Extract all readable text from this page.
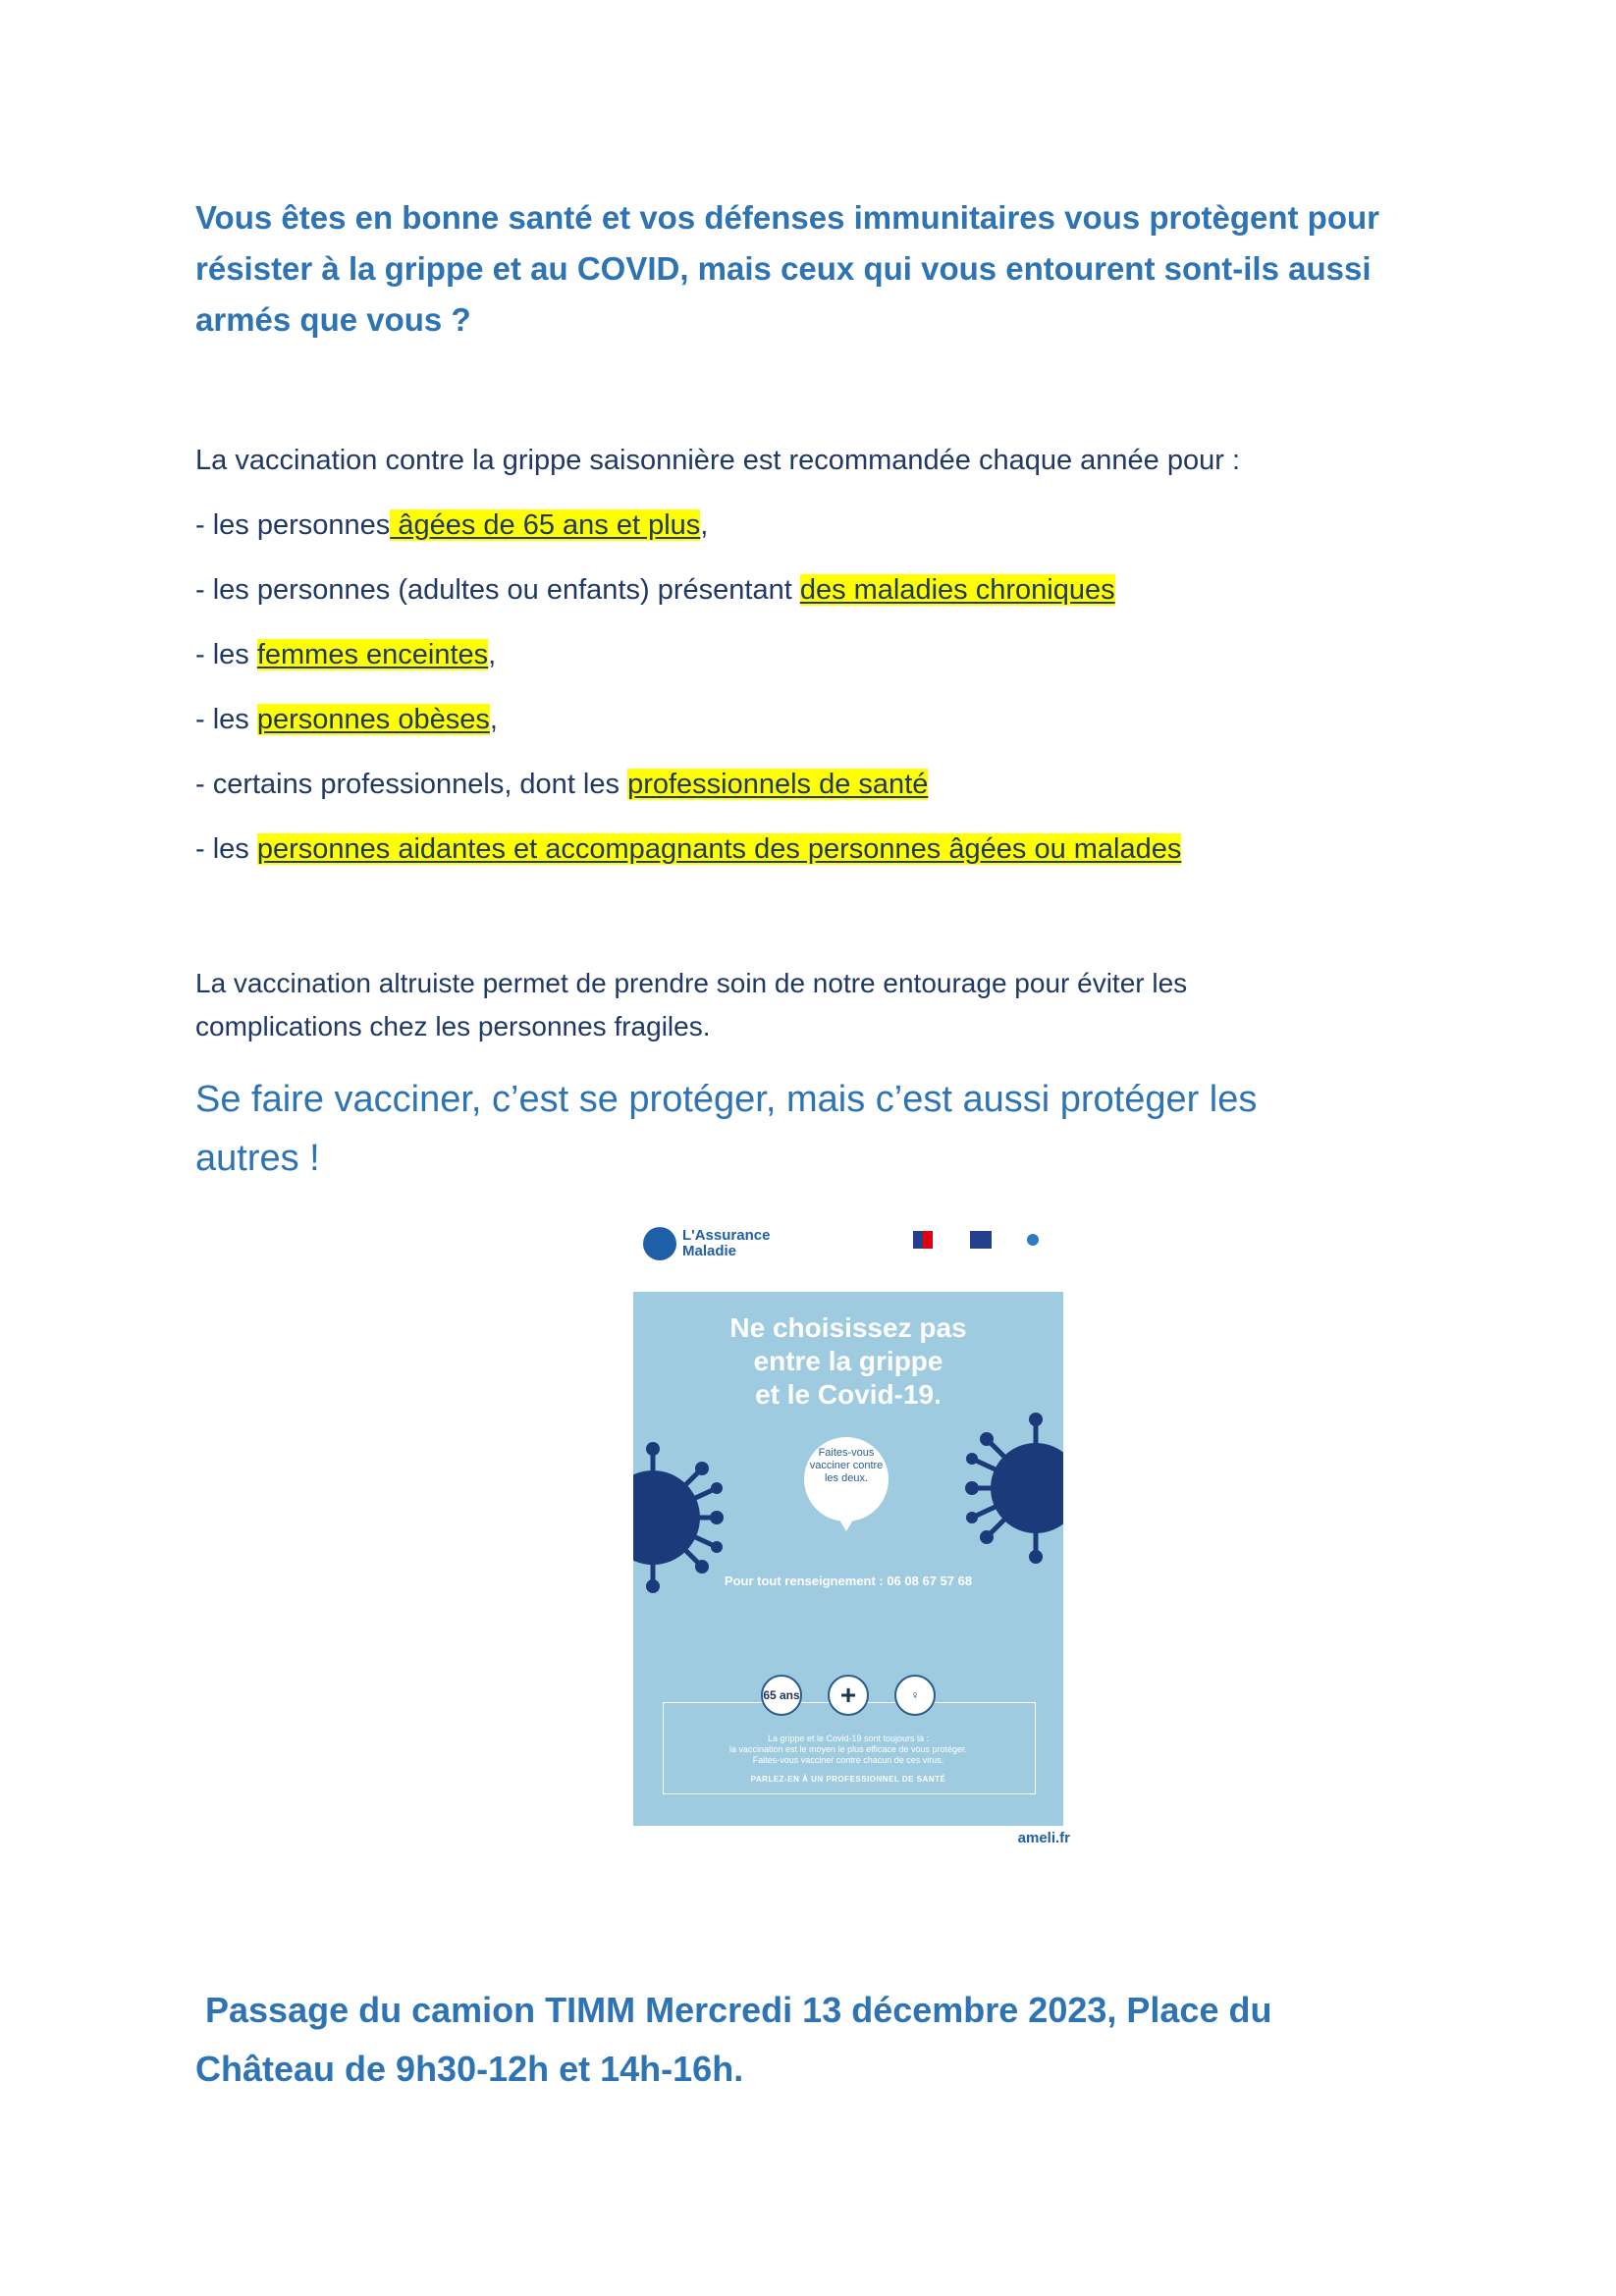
Vous êtes en bonne santé et vos défenses immunitaires vous protègent pour

résister à la grippe et au COVID, mais ceux qui vous entourent sont-ils aussi

armés que vous ?

La vaccination contre la grippe saisonnière est recommandée chaque année pour :

- les personnes âgées de 65 ans et plus,

- les personnes (adultes ou enfants) présentant des maladies chroniques

- les femmes enceintes,

- les personnes obèses,

- certains professionnels, dont les professionnels de santé

- les personnes aidantes et accompagnants des personnes âgées ou malades

La vaccination altruiste permet de prendre soin de notre entourage pour éviter les

complications chez les personnes fragiles.

Se faire vacciner, c’est se protéger, mais c’est aussi protéger les

autres !

L'Assurance
Maladie
Ne choisissez pas
entre la grippe
et le Covid-19.
Faites-vous vacciner contre les deux.
Pour tout renseignement : 06 08 67 57 68
65 ans	+	♀
La grippe et le Covid-19 sont toujours là :
la vaccination est le moyen le plus efficace de vous protéger.
Faites-vous vacciner contre chacun de ces virus.
PARLEZ-EN À UN PROFESSIONNEL DE SANTÉ
ameli.fr

Passage du camion TIMM Mercredi 13 décembre 2023, Place du

Château de 9h30-12h et 14h-16h.
